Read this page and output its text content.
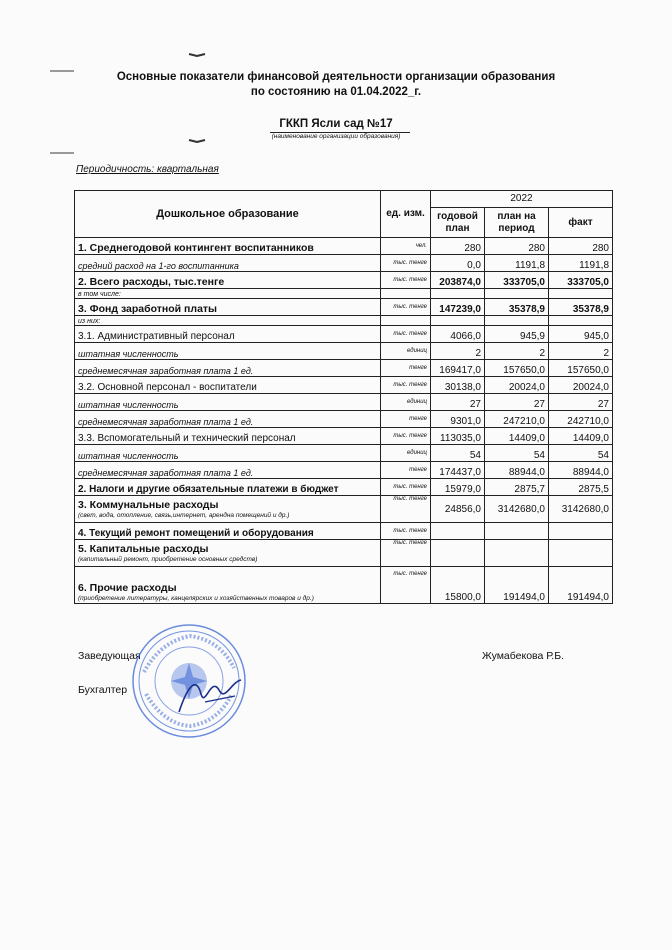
Основные показатели финансовой деятельности организации образования
по состоянию на 01.04.2022_г.
ГККП Ясли сад №17
(наименование организации образования)
Периодичность: квартальная
Дошкольное образование	ед. изм.	2022		
		годовой план	план на период	факт
1. Среднегодовой контингент воспитанников	чел.	280	280	280
средний расход на 1-го воспитанника	тыс. тенге	0,0	1191,8	1191,8
2. Всего расходы, тыс.тенге	тыс. тенге	203874,0	333705,0	333705,0
в том числе:				
3. Фонд заработной платы	тыс. тенге	147239,0	35378,9	35378,9
из них:				
3.1. Административный персонал	тыс. тенге	4066,0	945,9	945,0
штатная численность	единиц	2	2	2
среднемесячная заработная плата 1 ед.	тенге	169417,0	157650,0	157650,0
3.2. Основной персонал - воспитатели	тыс. тенге	30138,0	20024,0	20024,0
штатная численность	единиц	27	27	27
среднемесячная заработная плата 1 ед.	тенге	9301,0	247210,0	242710,0
3.3. Вспомогательный и технический персонал	тыс. тенге	113035,0	14409,0	14409,0
штатная численность	единиц	54	54	54
среднемесячная заработная плата 1 ед.	тенге	174437,0	88944,0	88944,0
2. Налоги и другие обязательные платежи в бюджет	тыс. тенге	15979,0	2875,7	2875,5
3. Коммунальные расходы
(свет, вода, отопление, связь,интернет, арендна помещений и др.)	тыс. тенге	24856,0	3142680,0	3142680,0
4. Текущий ремонт помещений и оборудования	тыс. тенге			
5. Капитальные расходы
(капитальный ремонт, приобретение основных средств)	тыс. тенге			
6. Прочие расходы
(приобретение литературы, канцелярских и хозяйственных товаров и др.)	тыс. тенге	15800,0	191494,0	191494,0
Заведующая	Жумабекова Р.Б.
Бухгалтер
